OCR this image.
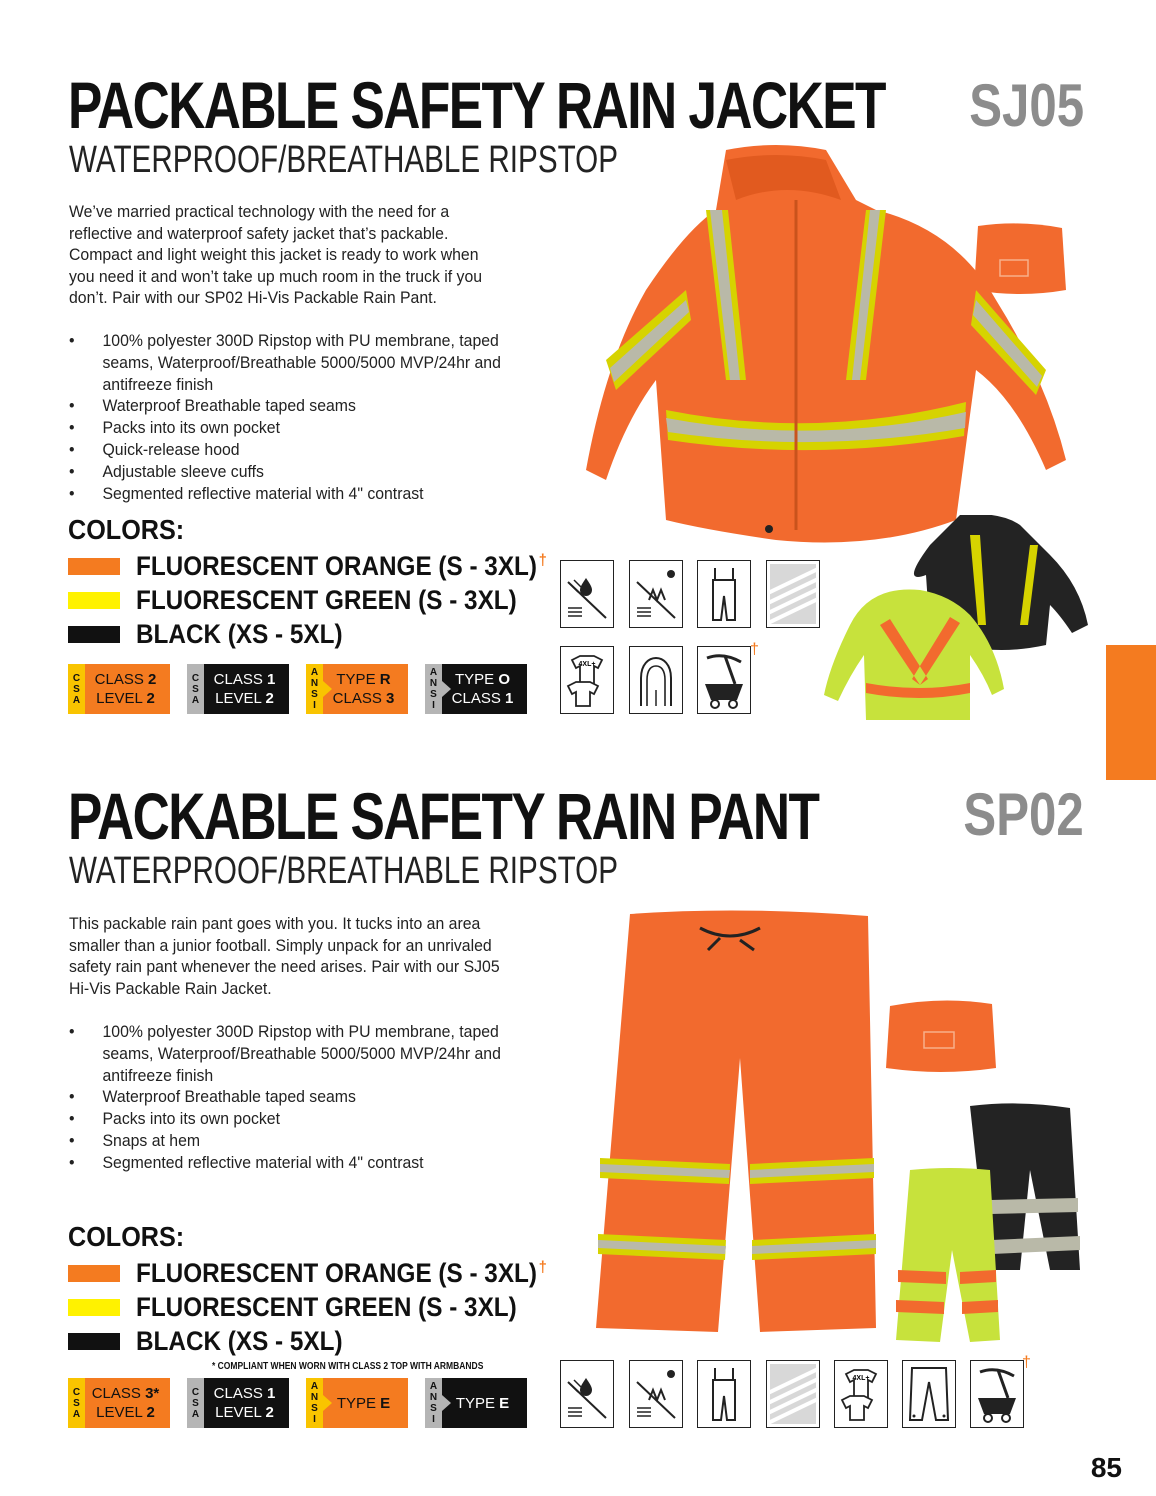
PACKABLE SAFETY RAIN JACKET SJ05
WATERPROOF/BREATHABLE RIPSTOP
We’ve married practical technology with the need for a reflective and waterproof safety jacket that’s packable. Compact and light weight this jacket is ready to work when you need it and won’t take up much room in the truck if you don’t. Pair with our SP02 Hi-Vis Packable Rain Pant.
• 100% polyester 300D Ripstop with PU membrane, taped seams, Waterproof/Breathable 5000/5000 MVP/24hr and antifreeze finish
• Waterproof Breathable taped seams
• Packs into its own pocket
• Quick-release hood
• Adjustable sleeve cuffs
• Segmented reflective material with 4" contrast
COLORS:
FLUORESCENT ORANGE (S - 3XL) †
FLUORESCENT GREEN (S - 3XL)
BLACK (XS - 5XL)
C
S
A
CLASS 2
LEVEL 2
C
S
A
CLASS 1
LEVEL 2
A
N
S
I
TYPE R
CLASS 3
A
N
S
I
TYPE O
CLASS 1
4XL+
†
PACKABLE SAFETY RAIN PANT SP02
WATERPROOF/BREATHABLE RIPSTOP
This packable rain pant goes with you. It tucks into an area smaller than a junior football. Simply unpack for an unrivaled safety rain pant whenever the need arises. Pair with our SJ05 Hi-Vis Packable Rain Jacket.
• 100% polyester 300D Ripstop with PU membrane, taped seams, Waterproof/Breathable 5000/5000 MVP/24hr and antifreeze finish
• Waterproof Breathable taped seams
• Packs into its own pocket
• Snaps at hem
• Segmented reflective material with 4" contrast
COLORS:
FLUORESCENT ORANGE (S - 3XL) †
FLUORESCENT GREEN (S - 3XL)
BLACK (XS - 5XL)
* COMPLIANT WHEN WORN WITH CLASS 2 TOP WITH ARMBANDS
C
S
A
CLASS 3*
LEVEL 2
C
S
A
CLASS 1
LEVEL 2
A
N
S
I
TYPE E
A
N
S
I
TYPE E
4XL+
†
85
